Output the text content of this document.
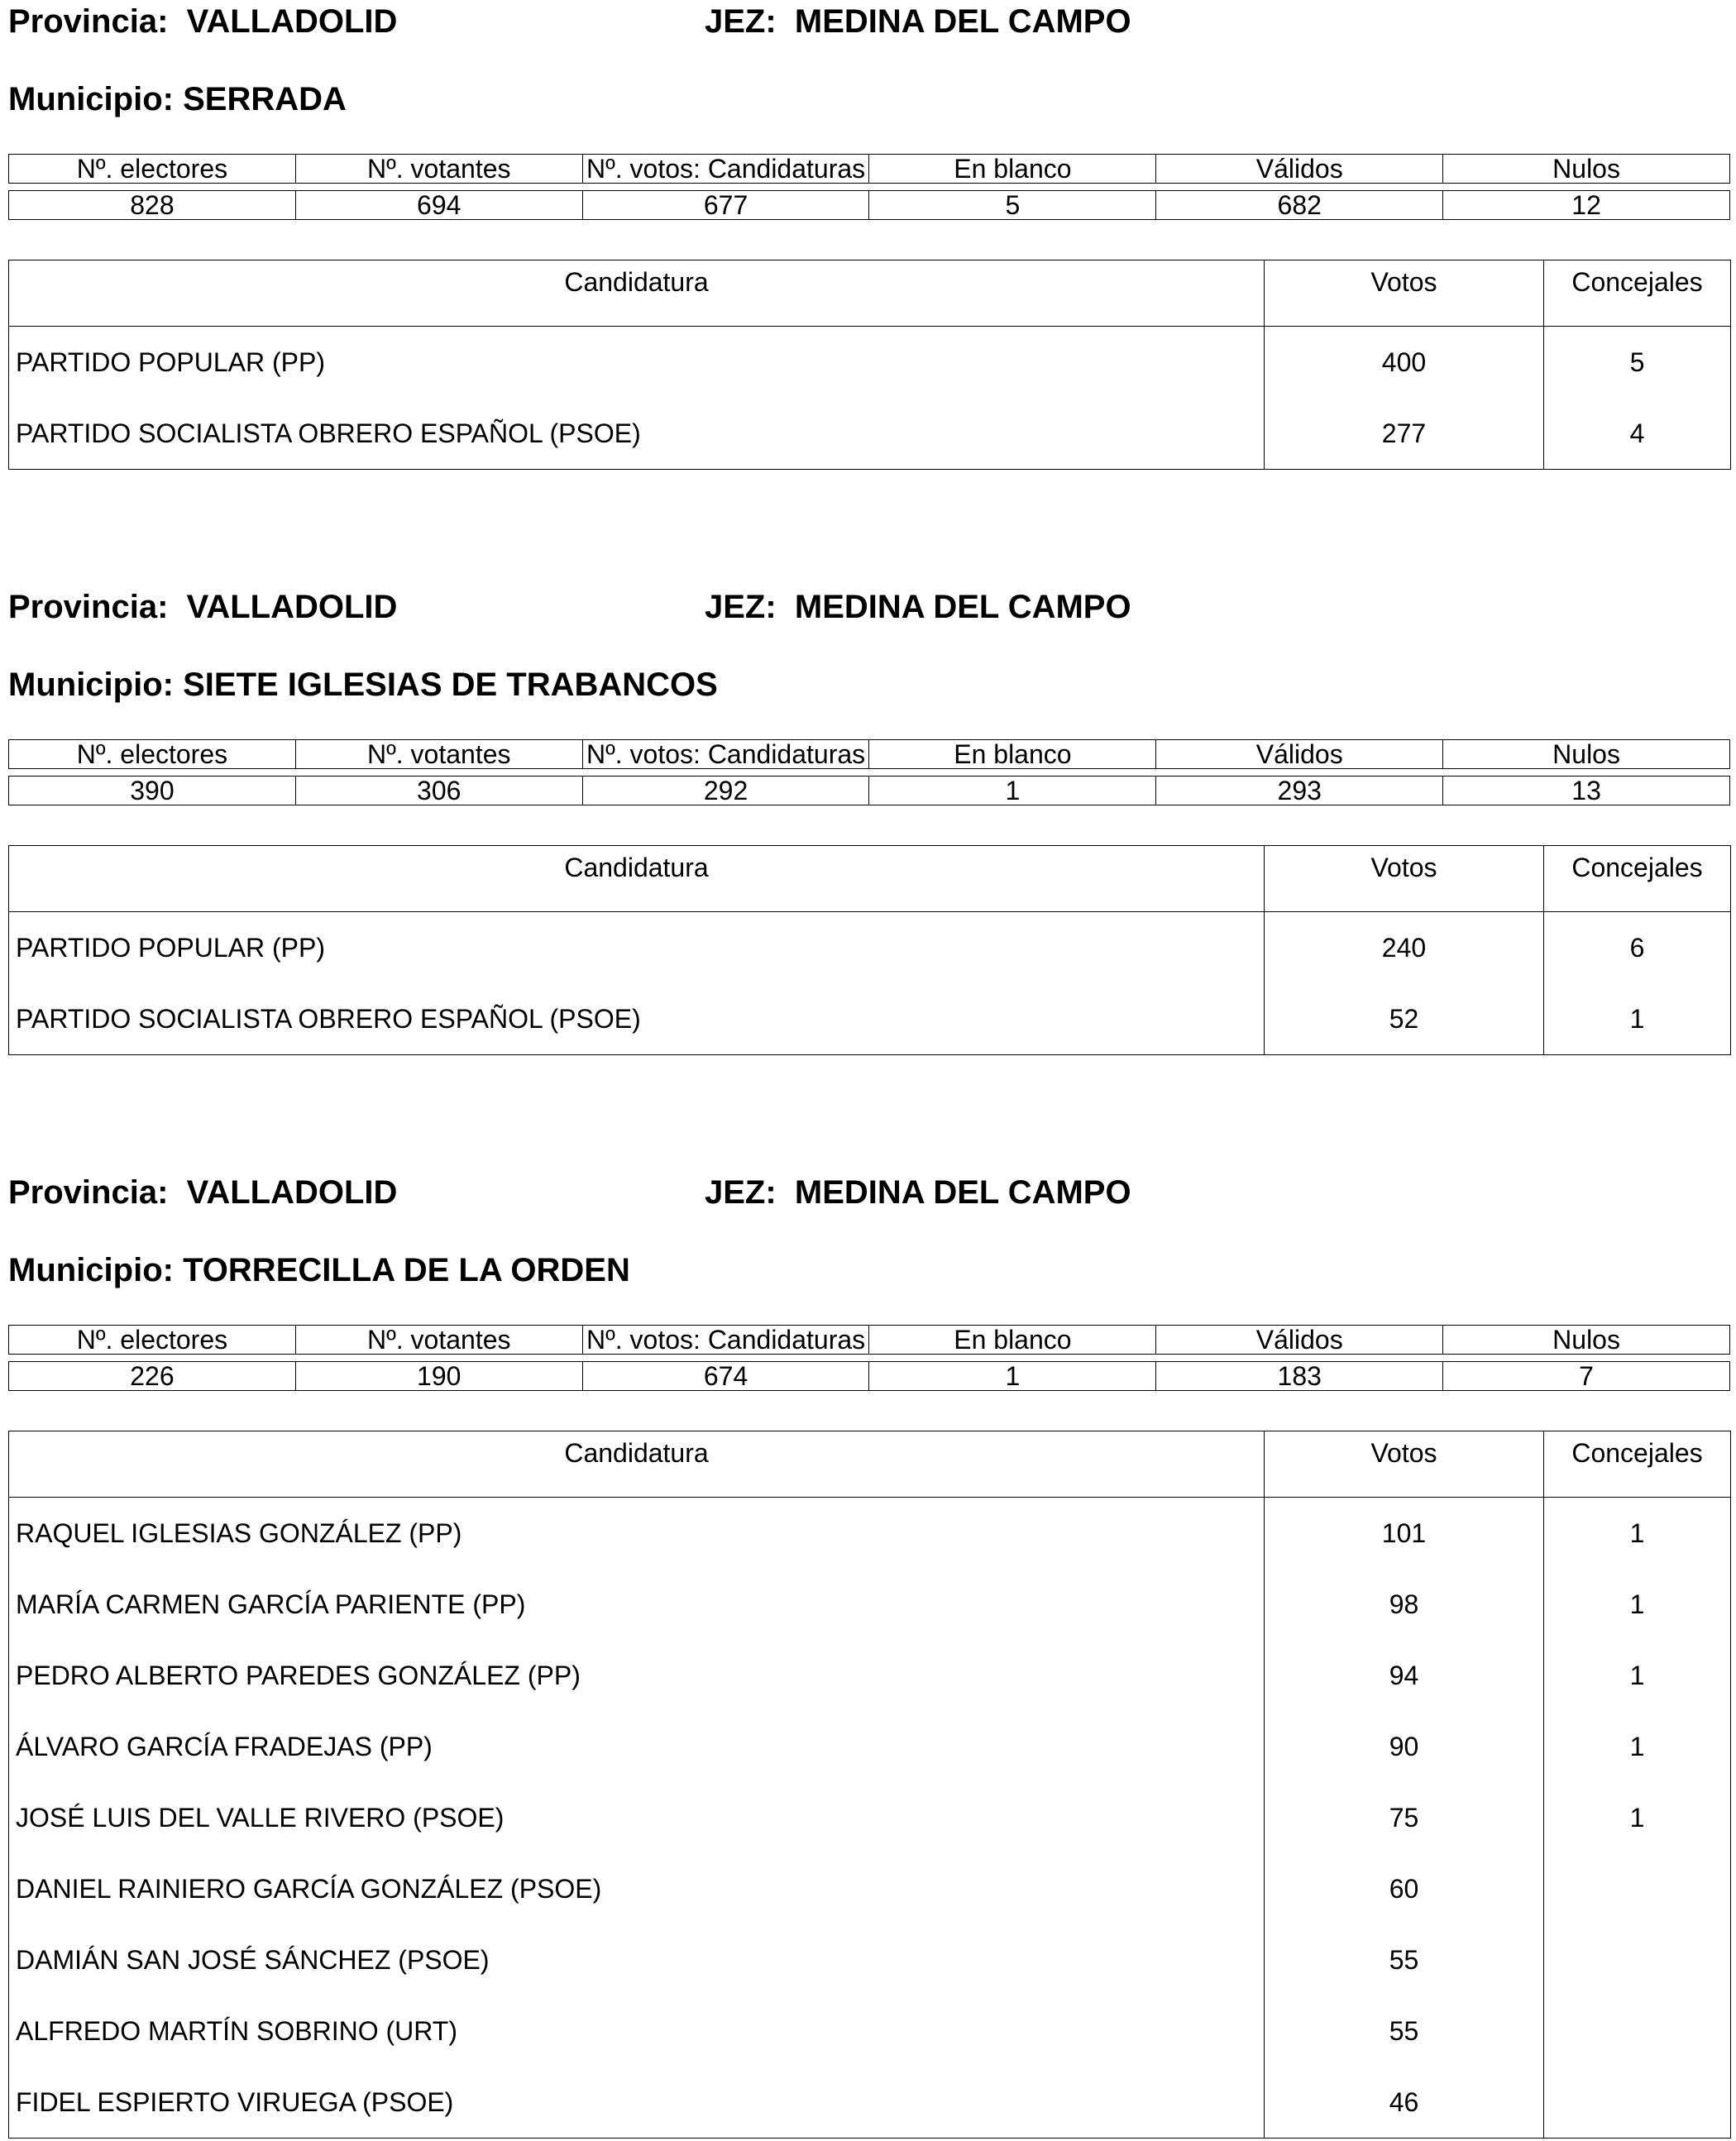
Provincia: VALLADOLID	JEZ: MEDINA DEL CAMPO
Municipio: SERRADA
Nº. electores	Nº. votantes	Nº. votos: Candidaturas	En blanco	Válidos	Nulos

828	694	677	5	682	12
Candidatura	Votos	Concejales
PARTIDO POPULAR (PP)	400	5
PARTIDO SOCIALISTA OBRERO ESPAÑOL (PSOE)	277	4
Provincia: VALLADOLID	JEZ: MEDINA DEL CAMPO
Municipio: SIETE IGLESIAS DE TRABANCOS
Nº. electores	Nº. votantes	Nº. votos: Candidaturas	En blanco	Válidos	Nulos

390	306	292	1	293	13
Candidatura	Votos	Concejales
PARTIDO POPULAR (PP)	240	6
PARTIDO SOCIALISTA OBRERO ESPAÑOL (PSOE)	52	1
Provincia: VALLADOLID	JEZ: MEDINA DEL CAMPO
Municipio: TORRECILLA DE LA ORDEN
Nº. electores	Nº. votantes	Nº. votos: Candidaturas	En blanco	Válidos	Nulos

226	190	674	1	183	7
Candidatura	Votos	Concejales
RAQUEL IGLESIAS GONZÁLEZ (PP)	101	1
MARÍA CARMEN GARCÍA PARIENTE (PP)	98	1
PEDRO ALBERTO PAREDES GONZÁLEZ (PP)	94	1
ÁLVARO GARCÍA FRADEJAS (PP)	90	1
JOSÉ LUIS DEL VALLE RIVERO (PSOE)	75	1
DANIEL RAINIERO GARCÍA GONZÁLEZ (PSOE)	60	
DAMIÁN SAN JOSÉ SÁNCHEZ (PSOE)	55	
ALFREDO MARTÍN SOBRINO (URT)	55	
FIDEL ESPIERTO VIRUEGA (PSOE)	46	
